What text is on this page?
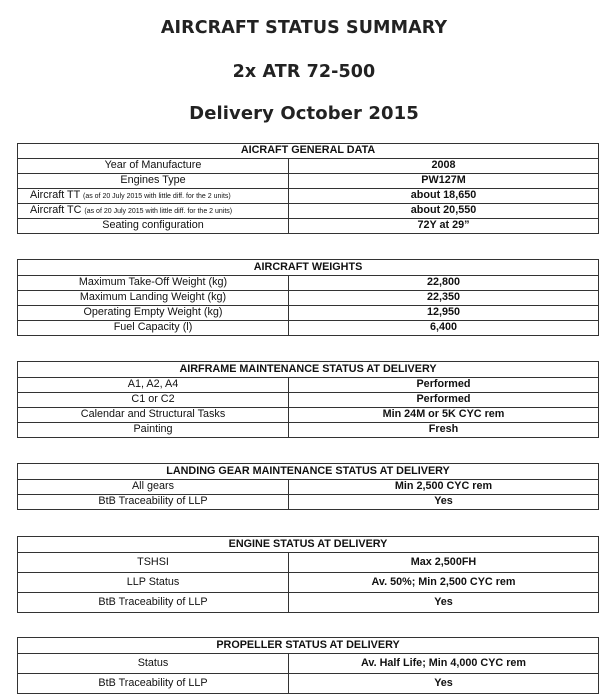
AIRCRAFT STATUS SUMMARY
2x ATR 72-500
Delivery October 2015
AICRAFT GENERAL DATA	
Year of Manufacture	2008
Engines Type	PW127M
Aircraft TT (as of 20 July 2015 with little diff. for the 2 units)	about 18,650
Aircraft TC (as of 20 July 2015 with little diff. for the 2 units)	about 20,550
Seating configuration	72Y at 29”
AIRCRAFT WEIGHTS	
Maximum Take-Off Weight (kg)	22,800
Maximum Landing Weight (kg)	22,350
Operating Empty Weight (kg)	12,950
Fuel Capacity (l)	6,400
AIRFRAME MAINTENANCE STATUS AT DELIVERY	
A1, A2, A4	Performed
C1 or C2	Performed
Calendar and Structural Tasks	Min 24M or 5K CYC rem
Painting	Fresh
LANDING GEAR MAINTENANCE STATUS AT DELIVERY	
All gears	Min 2,500 CYC rem
BtB Traceability of LLP	Yes
ENGINE STATUS AT DELIVERY	
TSHSI	Max 2,500FH
LLP Status	Av. 50%; Min 2,500 CYC rem
BtB Traceability of LLP	Yes
PROPELLER STATUS AT DELIVERY	
Status	Av. Half Life; Min 4,000 CYC rem
BtB Traceability of LLP	Yes
